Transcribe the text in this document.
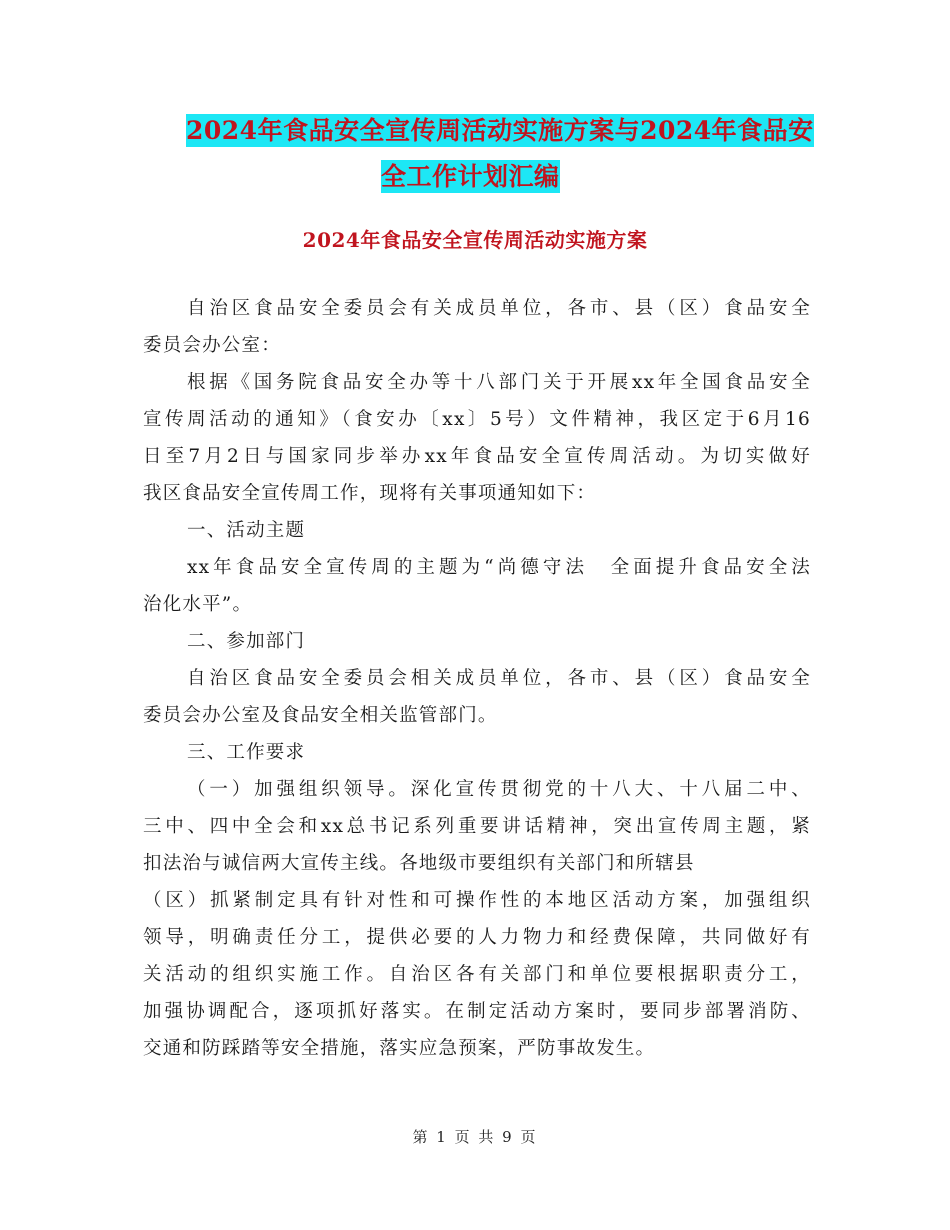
2024年食品安全宣传周活动实施方案与2024年食品安
全工作计划汇编
2024年食品安全宣传周活动实施方案
自治区食品安全委员会有关成员单位，各市、县（区）食品安全
委员会办公室：
根据《国务院食品安全办等十八部门关于开展xx年全国食品安全
宣传周活动的通知》（食安办〔xx〕5号）文件精神，我区定于6月16
日至7月2日与国家同步举办xx年食品安全宣传周活动。为切实做好
我区食品安全宣传周工作，现将有关事项通知如下：
一、活动主题
xx年食品安全宣传周的主题为“尚德守法　全面提升食品安全法
治化水平”。
二、参加部门
自治区食品安全委员会相关成员单位，各市、县（区）食品安全
委员会办公室及食品安全相关监管部门。
三、工作要求
（一）加强组织领导。深化宣传贯彻党的十八大、十八届二中、
三中、四中全会和xx总书记系列重要讲话精神，突出宣传周主题，紧
扣法治与诚信两大宣传主线。各地级市要组织有关部门和所辖县
（区）抓紧制定具有针对性和可操作性的本地区活动方案，加强组织
领导，明确责任分工，提供必要的人力物力和经费保障，共同做好有
关活动的组织实施工作。自治区各有关部门和单位要根据职责分工，
加强协调配合，逐项抓好落实。在制定活动方案时，要同步部署消防、
交通和防踩踏等安全措施，落实应急预案，严防事故发生。
第 1 页 共 9 页
